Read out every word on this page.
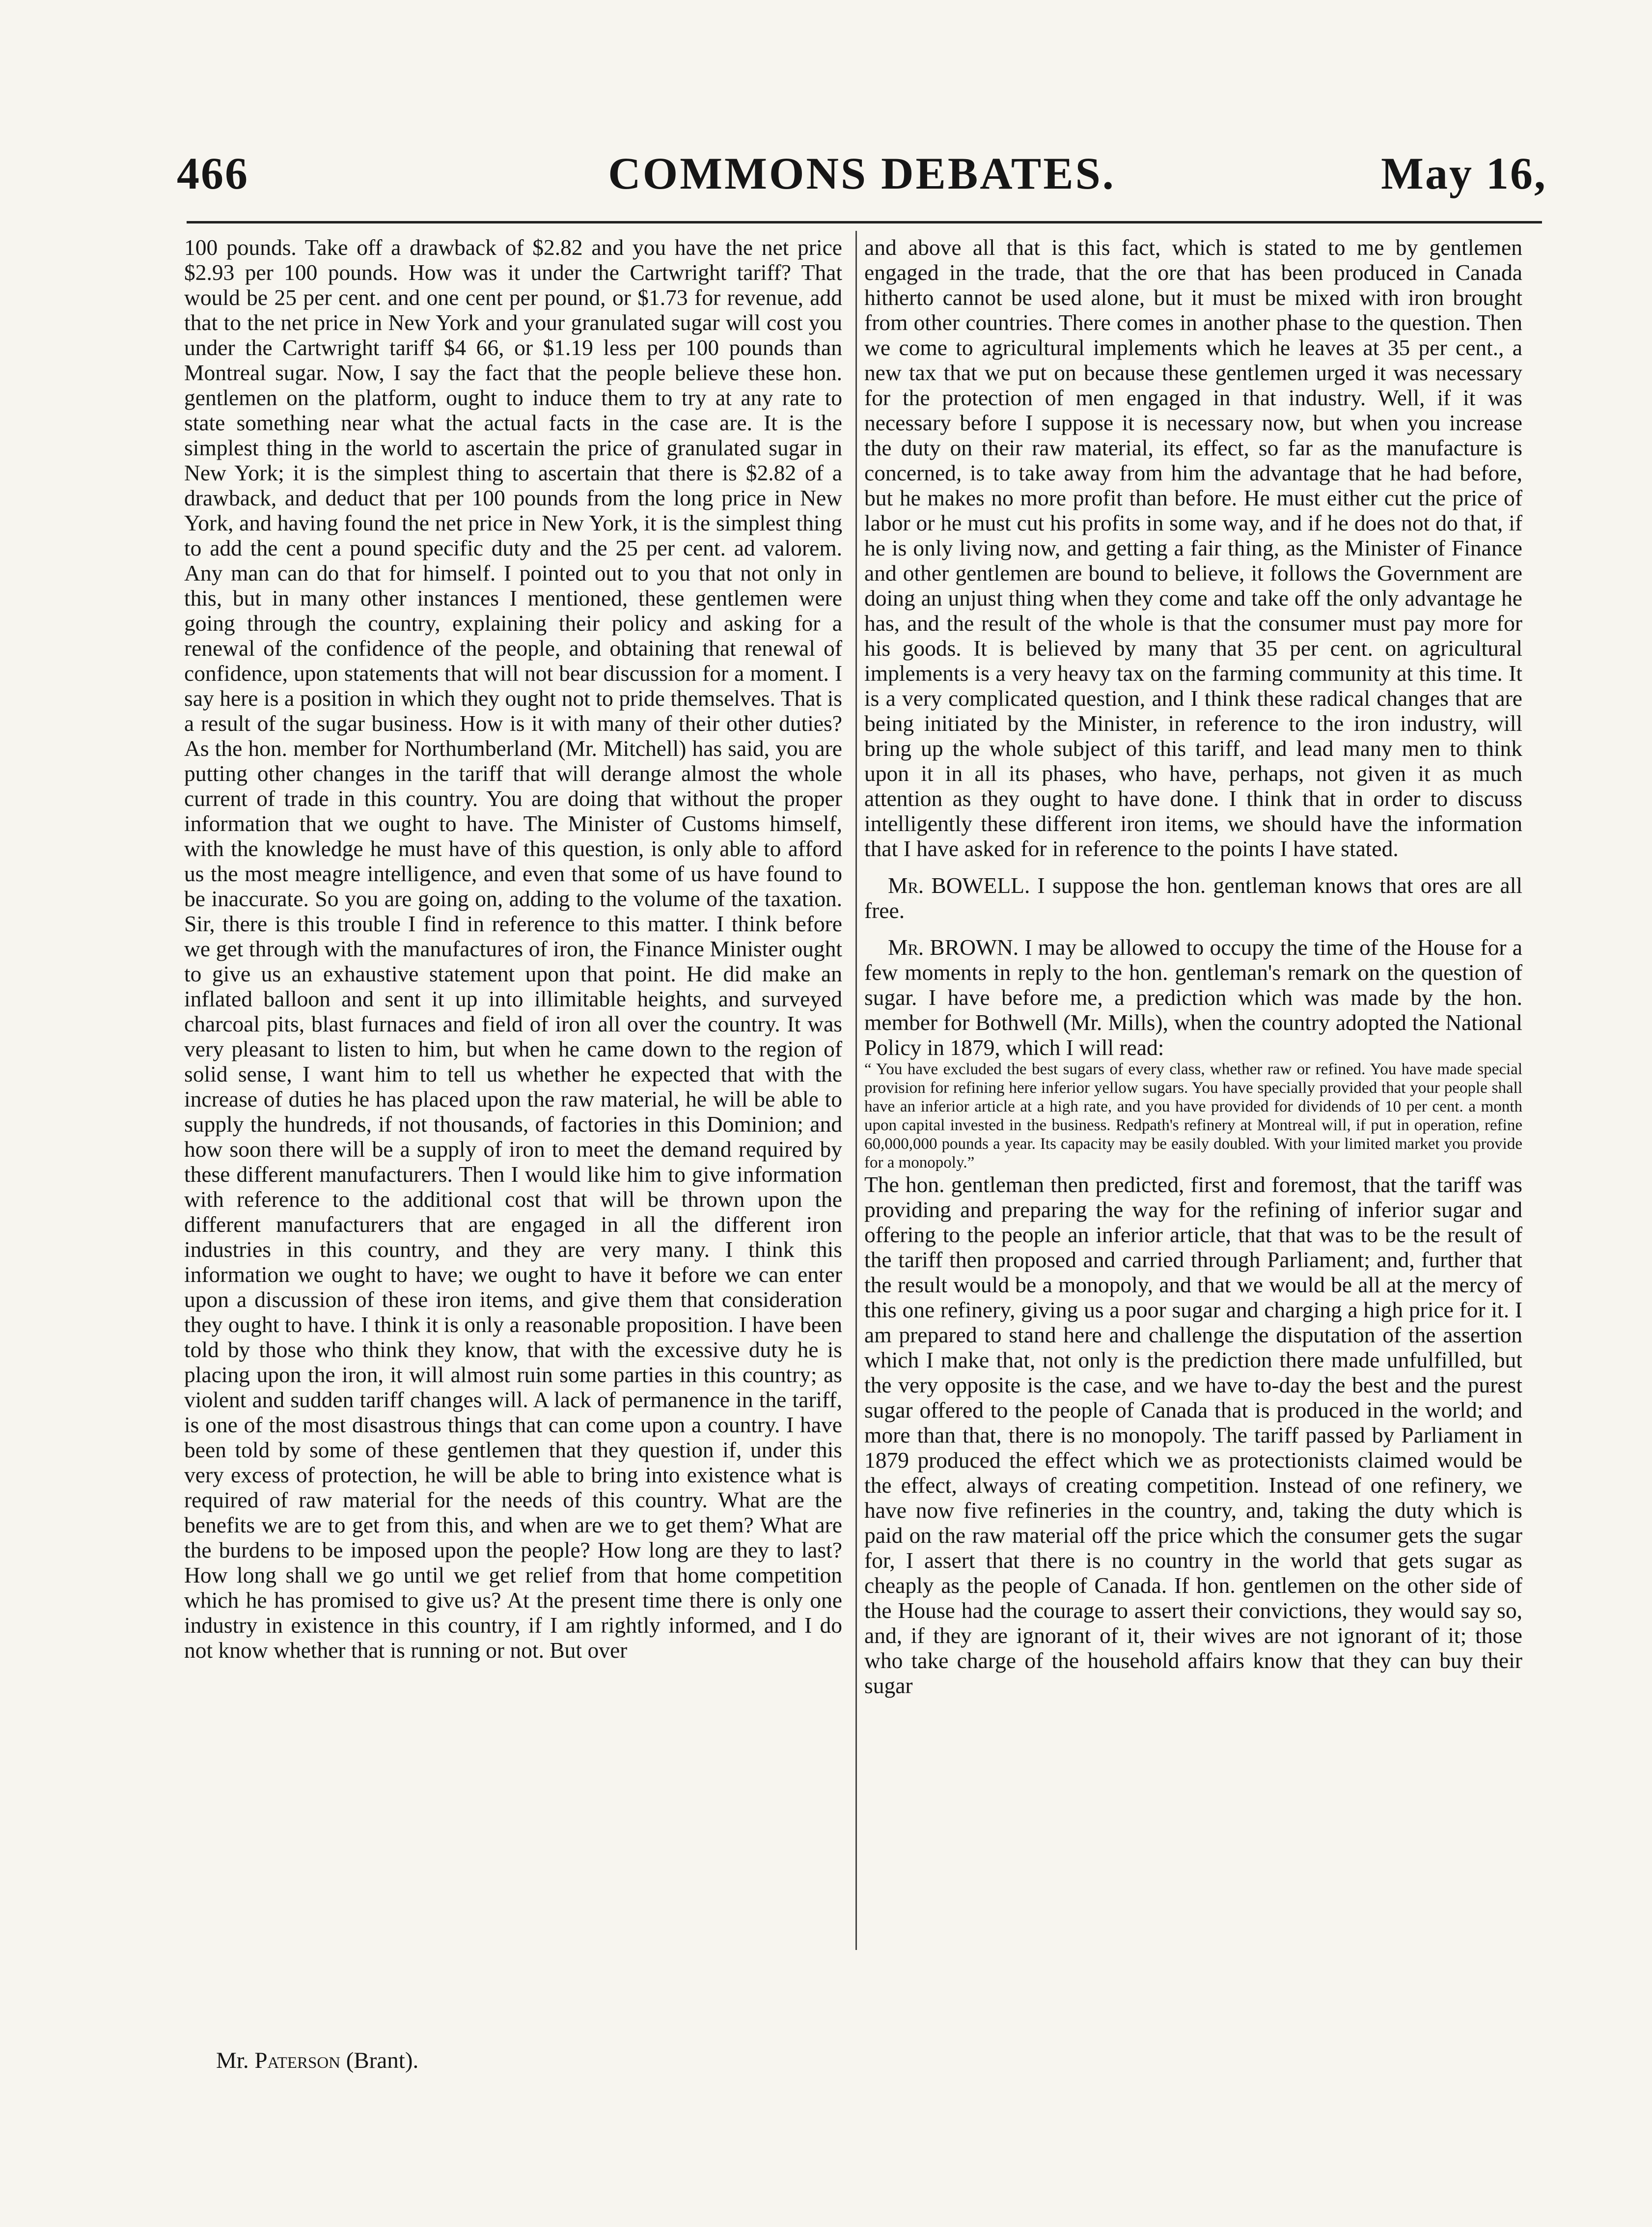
466	COMMONS DEBATES.	May 16,

100 pounds. Take off a drawback of $2.82 and you have the net price $2.93 per 100 pounds. How was it under the Cartwright tariff? That would be 25 per cent. and one cent per pound, or $1.73 for revenue, add that to the net price in New York and your granulated sugar will cost you under the Cartwright tariff $4 66, or $1.19 less per 100 pounds than Montreal sugar. Now, I say the fact that the people believe these hon. gentlemen on the platform, ought to induce them to try at any rate to state something near what the actual facts in the case are. It is the simplest thing in the world to ascertain the price of granulated sugar in New York; it is the simplest thing to ascertain that there is $2.82 of a drawback, and deduct that per 100 pounds from the long price in New York, and having found the net price in New York, it is the simplest thing to add the cent a pound specific duty and the 25 per cent. ad valorem. Any man can do that for himself. I pointed out to you that not only in this, but in many other instances I mentioned, these gentlemen were going through the country, explaining their policy and asking for a renewal of the confidence of the people, and obtaining that renewal of confidence, upon statements that will not bear discussion for a moment. I say here is a position in which they ought not to pride themselves. That is a result of the sugar business. How is it with many of their other duties? As the hon. member for Northumberland (Mr. Mitchell) has said, you are putting other changes in the tariff that will derange almost the whole current of trade in this country. You are doing that without the proper information that we ought to have. The Minister of Customs himself, with the knowledge he must have of this question, is only able to afford us the most meagre intelligence, and even that some of us have found to be inaccurate. So you are going on, adding to the volume of the taxation. Sir, there is this trouble I find in reference to this matter. I think before we get through with the manufactures of iron, the Finance Minister ought to give us an exhaustive statement upon that point. He did make an inflated balloon and sent it up into illimitable heights, and surveyed charcoal pits, blast furnaces and field of iron all over the country. It was very pleasant to listen to him, but when he came down to the region of solid sense, I want him to tell us whether he expected that with the increase of duties he has placed upon the raw material, he will be able to supply the hundreds, if not thousands, of factories in this Dominion; and how soon there will be a supply of iron to meet the demand required by these different manufacturers. Then I would like him to give information with reference to the additional cost that will be thrown upon the different manufacturers that are engaged in all the different iron industries in this country, and they are very many. I think this information we ought to have; we ought to have it before we can enter upon a discussion of these iron items, and give them that consideration they ought to have. I think it is only a reasonable proposition. I have been told by those who think they know, that with the excessive duty he is placing upon the iron, it will almost ruin some parties in this country; as violent and sudden tariff changes will. A lack of permanence in the tariff, is one of the most disastrous things that can come upon a country. I have been told by some of these gentlemen that they question if, under this very excess of protection, he will be able to bring into existence what is required of raw material for the needs of this country. What are the benefits we are to get from this, and when are we to get them? What are the burdens to be imposed upon the people? How long are they to last? How long shall we go until we get relief from that home competition which he has promised to give us? At the present time there is only one industry in existence in this country, if I am rightly informed, and I do not know whether that is running or not. But over

and above all that is this fact, which is stated to me by gentlemen engaged in the trade, that the ore that has been produced in Canada hitherto cannot be used alone, but it must be mixed with iron brought from other countries. There comes in another phase to the question. Then we come to agricultural implements which he leaves at 35 per cent., a new tax that we put on because these gentlemen urged it was necessary for the protection of men engaged in that industry. Well, if it was necessary before I suppose it is necessary now, but when you increase the duty on their raw material, its effect, so far as the manufacture is concerned, is to take away from him the advantage that he had before, but he makes no more profit than before. He must either cut the price of labor or he must cut his profits in some way, and if he does not do that, if he is only living now, and getting a fair thing, as the Minister of Finance and other gentlemen are bound to believe, it follows the Government are doing an unjust thing when they come and take off the only advantage he has, and the result of the whole is that the consumer must pay more for his goods. It is believed by many that 35 per cent. on agricultural implements is a very heavy tax on the farming community at this time. It is a very complicated question, and I think these radical changes that are being initiated by the Minister, in reference to the iron industry, will bring up the whole subject of this tariff, and lead many men to think upon it in all its phases, who have, perhaps, not given it as much attention as they ought to have done. I think that in order to discuss intelligently these different iron items, we should have the information that I have asked for in reference to the points I have stated.

Mr. BOWELL. I suppose the hon. gentleman knows that ores are all free.

Mr. BROWN. I may be allowed to occupy the time of the House for a few moments in reply to the hon. gentleman's remark on the question of sugar. I have before me, a prediction which was made by the hon. member for Bothwell (Mr. Mills), when the country adopted the National Policy in 1879, which I will read:

“ You have excluded the best sugars of every class, whether raw or refined. You have made special provision for refining here inferior yellow sugars. You have specially provided that your people shall have an inferior article at a high rate, and you have provided for dividends of 10 per cent. a month upon capital invested in the business. Redpath's refinery at Montreal will, if put in operation, refine 60,000,000 pounds a year. Its capacity may be easily doubled. With your limited market you provide for a monopoly.”

The hon. gentleman then predicted, first and foremost, that the tariff was providing and preparing the way for the refining of inferior sugar and offering to the people an inferior article, that that was to be the result of the tariff then proposed and carried through Parliament; and, further that the result would be a monopoly, and that we would be all at the mercy of this one refinery, giving us a poor sugar and charging a high price for it. I am prepared to stand here and challenge the disputation of the assertion which I make that, not only is the prediction there made unfulfilled, but the very opposite is the case, and we have to-day the best and the purest sugar offered to the people of Canada that is produced in the world; and more than that, there is no monopoly. The tariff passed by Parliament in 1879 produced the effect which we as protectionists claimed would be the effect, always of creating competition. Instead of one refinery, we have now five refineries in the country, and, taking the duty which is paid on the raw material off the price which the consumer gets the sugar for, I assert that there is no country in the world that gets sugar as cheaply as the people of Canada. If hon. gentlemen on the other side of the House had the courage to assert their convictions, they would say so, and, if they are ignorant of it, their wives are not ignorant of it; those who take charge of the household affairs know that they can buy their sugar

Mr. Paterson (Brant).
